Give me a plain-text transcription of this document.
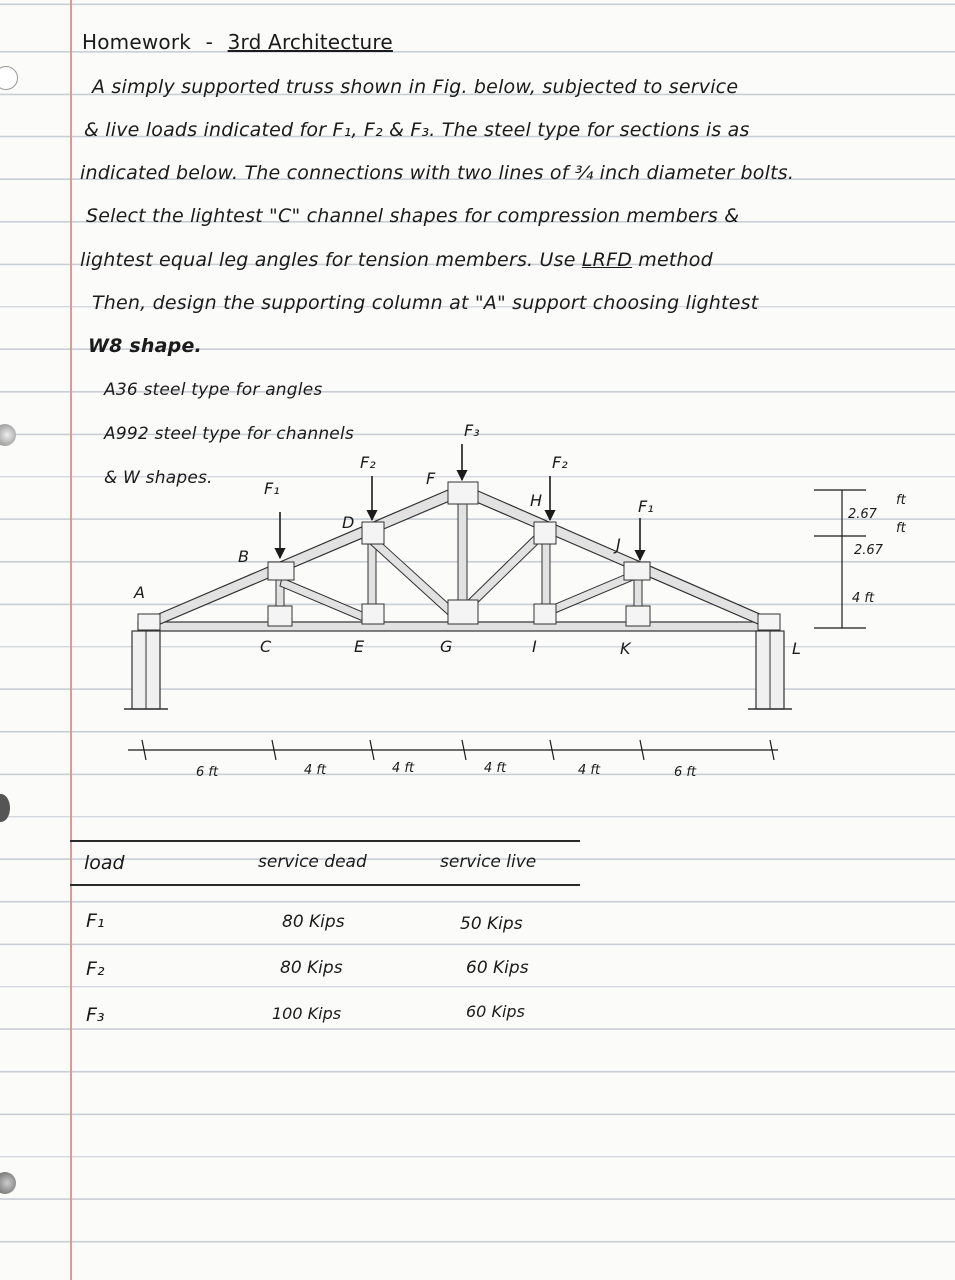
Homework - 3rd Architecture
A simply supported truss shown in Fig. below, subjected to service
& live loads indicated for F₁, F₂ & F₃. The steel type for sections is as
indicated below. The connections with two lines of ¾ inch diameter bolts.
Select the lightest "C" channel shapes for compression members &
lightest equal leg angles for tension members. Use LRFD method
Then, design the supporting column at "A" support choosing lightest
W8 shape.
A36 steel type for angles
A992 steel type for channels
& W shapes.
F₁
F₂
F₃
F₂
F₁
A
B
C
D
E
F
G
H
I
J
K	L
2.67
ft
2.67
ft
4 ft
6 ft	4 ft	4 ft	4 ft	4 ft	6 ft
load	service dead	service live
F₁	80 Kips	50 Kips
F₂	80 Kips	60 Kips
F₃	100 Kips	60 Kips
